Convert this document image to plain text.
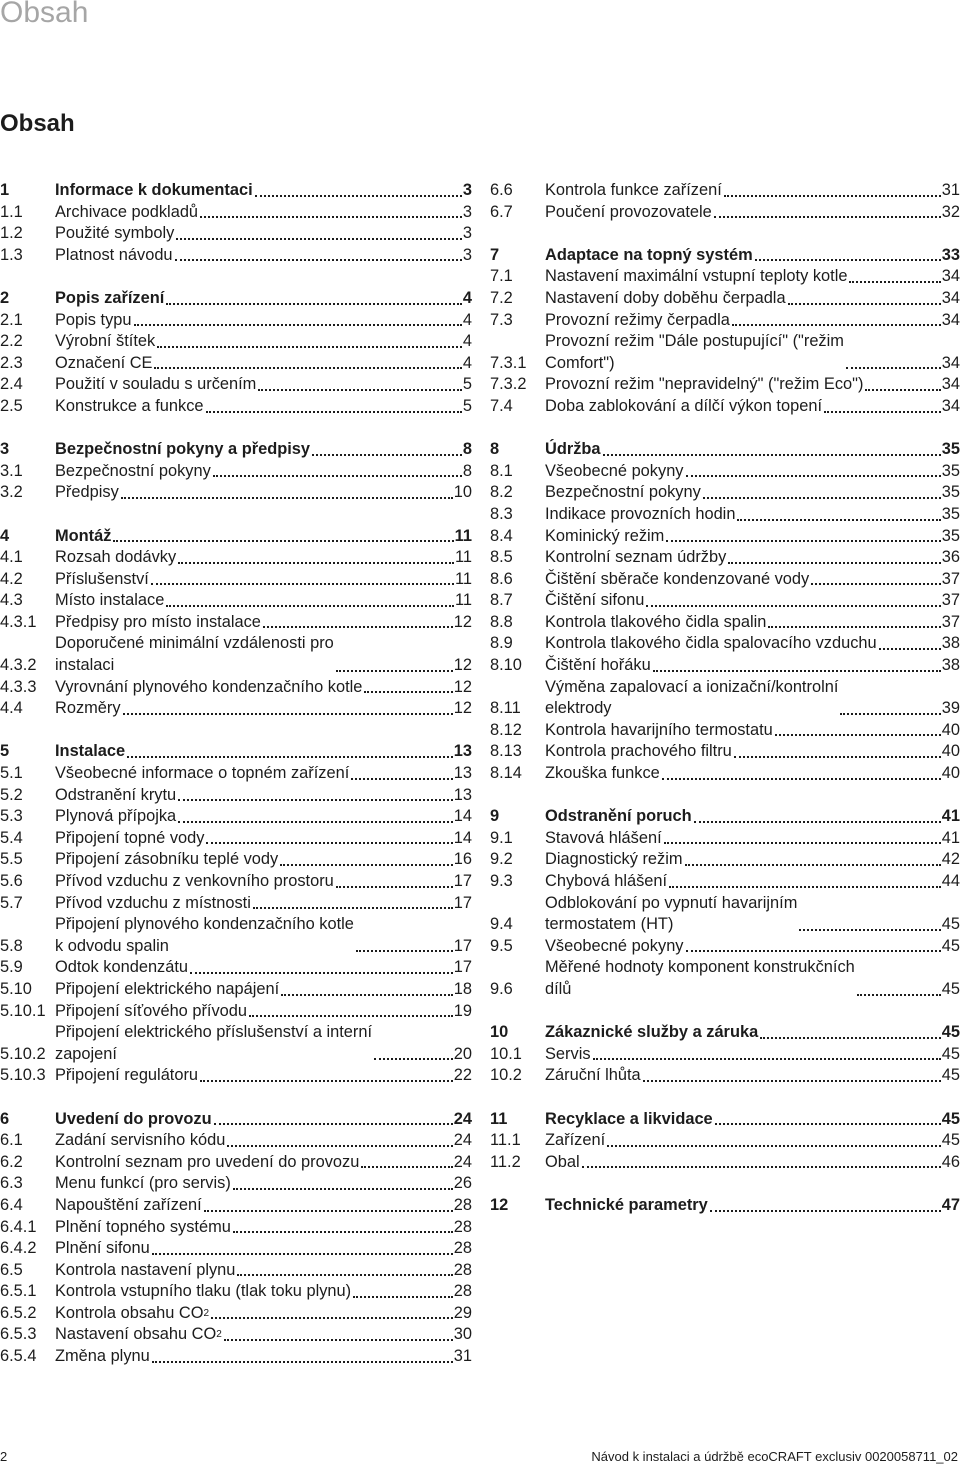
Obsah
Obsah
1	Informace k dokumentaci	3
1.1	Archivace podkladů	3
1.2	Použité symboly	3
1.3	Platnost návodu	3
2	Popis zařízení	4
2.1	Popis typu	4
2.2	Výrobní štítek	4
2.3	Označení CE	4
2.4	Použití v souladu s určením	5
2.5	Konstrukce a funkce	5
3	Bezpečnostní pokyny a předpisy	8
3.1	Bezpečnostní pokyny	8
3.2	Předpisy	10
4	Montáž	11
4.1	Rozsah dodávky	11
4.2	Příslušenství	11
4.3	Místo instalace	11
4.3.1	Předpisy pro místo instalace	12
4.3.2
Doporučené minimální vzdálenosti pro
instalaci	12
4.3.3	Vyrovnání plynového kondenzačního kotle	12
4.4	Rozměry	12
5	Instalace	13
5.1	Všeobecné informace o topném zařízení	13
5.2	Odstranění krytu	13
5.3	Plynová přípojka	14
5.4	Připojení topné vody	14
5.5	Připojení zásobníku teplé vody	16
5.6	Přívod vzduchu z venkovního prostoru	17
5.7	Přívod vzduchu z místnosti	17
5.8
Připojení plynového kondenzačního kotle
k odvodu spalin	17
5.9	Odtok kondenzátu	17
5.10	Připojení elektrického napájení	18
5.10.1 Připojení síťového přívodu	19
5.10.2
Připojení elektrického příslušenství a interní
zapojení	20
5.10.3 Připojení regulátoru	22
6	Uvedení do provozu	24
6.1	Zadání servisního kódu	24
6.2	Kontrolní seznam pro uvedení do provozu	24
6.3	Menu funkcí (pro servis)	26
6.4	Napouštění zařízení	28
6.4.1	Plnění topného systému	28
6.4.2	Plnění sifonu	28
6.5	Kontrola nastavení plynu	28
6.5.1	Kontrola vstupního tlaku (tlak toku plynu)	28
6.5.2	Kontrola obsahu CO 2	29
6.5.3	Nastavení obsahu CO 2	30
6.5.4	Změna plynu	31
6.6	Kontrola funkce zařízení	31
6.7	Poučení provozovatele	32
7	Adaptace na topný systém	33
7.1	Nastavení maximální vstupní teploty kotle	34
7.2	Nastavení doby doběhu čerpadla	34
7.3	Provozní režimy čerpadla	34
7.3.1
Provozní režim "Dále postupující" ("režim
Comfort")	34
7.3.2	Provozní režim "nepravidelný" ("režim Eco")	34
7.4	Doba zablokování a dílčí výkon topení	34
8	Údržba	35
8.1	Všeobecné pokyny	35
8.2	Bezpečnostní pokyny	35
8.3	Indikace provozních hodin	35
8.4	Kominický režim	35
8.5	Kontrolní seznam údržby	36
8.6	Čištění sběrače kondenzované vody	37
8.7	Čištění sifonu	37
8.8	Kontrola tlakového čidla spalin	37
8.9	Kontrola tlakového čidla spalovacího vzduchu	38
8.10	Čištění hořáku	38
8.11
Výměna zapalovací a ionizační/kontrolní
elektrody	39
8.12	Kontrola havarijního termostatu	40
8.13	Kontrola prachového filtru	40
8.14	Zkouška funkce	40
9	Odstranění poruch	41
9.1	Stavová hlášení	41
9.2	Diagnostický režim	42
9.3	Chybová hlášení	44
9.4
Odblokování po vypnutí havarijním
termostatem (HT)	45
9.5	Všeobecné pokyny	45
9.6
Měřené hodnoty komponent konstrukčních
dílů	45
10	Zákaznické služby a záruka	45
10.1	Servis	45
10.2	Záruční lhůta	45
11	Recyklace a likvidace	45
11.1	Zařízení	45
11.2	Obal	46
12	Technické parametry	47
2	Návod k instalaci a údržbě ecoCRAFT exclusiv 0020058711_02
